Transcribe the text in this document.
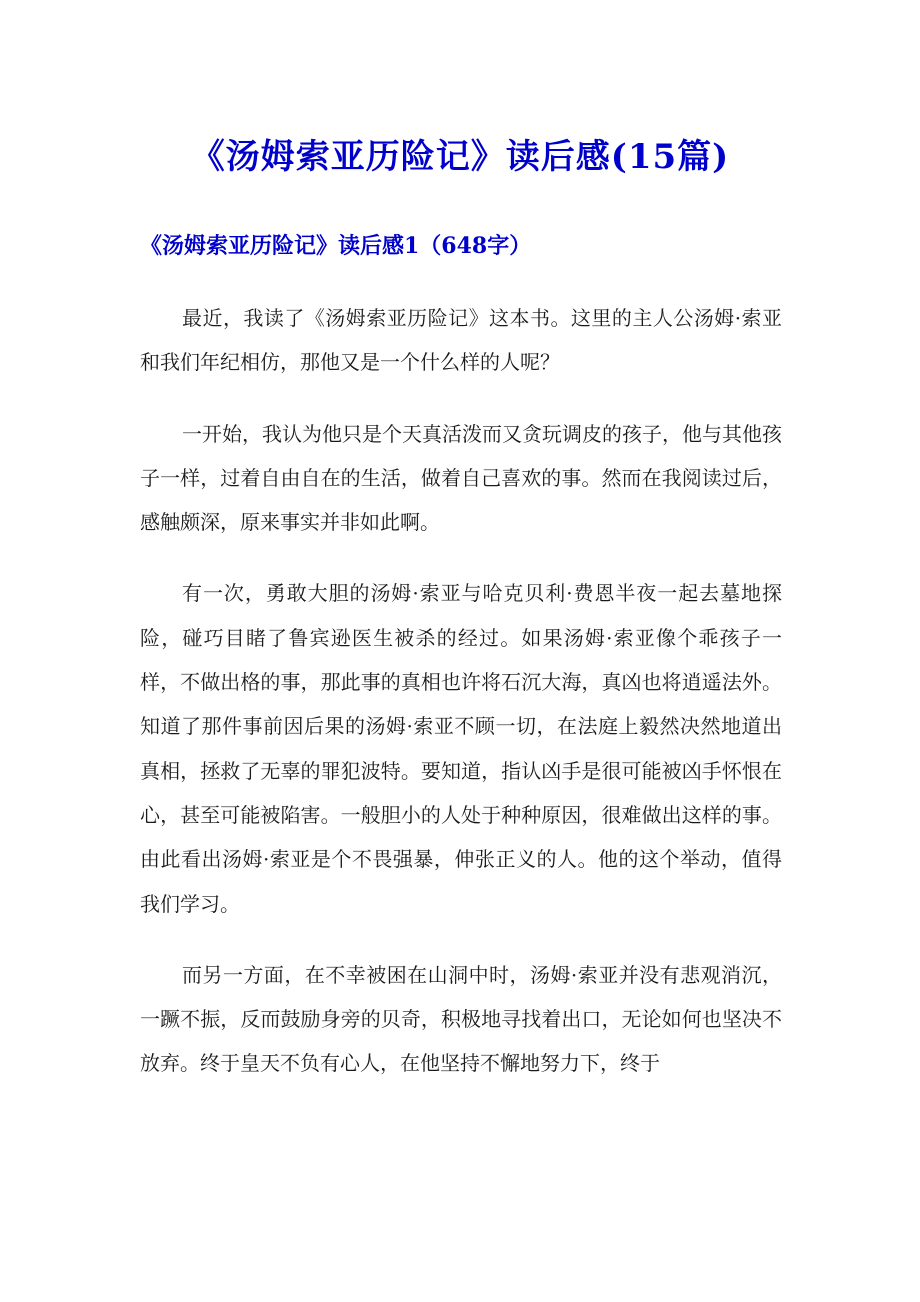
《汤姆索亚历险记》读后感(15篇)
《汤姆索亚历险记》读后感1（648字）

最近，我读了《汤姆索亚历险记》这本书。这里的主人公汤姆·索亚和我们年纪相仿，那他又是一个什么样的人呢？

一开始，我认为他只是个天真活泼而又贪玩调皮的孩子，他与其他孩子一样，过着自由自在的生活，做着自己喜欢的事。然而在我阅读过后，感触颇深，原来事实并非如此啊。

有一次，勇敢大胆的汤姆·索亚与哈克贝利·费恩半夜一起去墓地探险，碰巧目睹了鲁宾逊医生被杀的经过。如果汤姆·索亚像个乖孩子一样，不做出格的事，那此事的真相也许将石沉大海，真凶也将逍遥法外。知道了那件事前因后果的汤姆·索亚不顾一切，在法庭上毅然决然地道出真相，拯救了无辜的罪犯波特。要知道，指认凶手是很可能被凶手怀恨在心，甚至可能被陷害。一般胆小的人处于种种原因，很难做出这样的事。由此看出汤姆·索亚是个不畏强暴，伸张正义的人。他的这个举动，值得我们学习。

而另一方面，在不幸被困在山洞中时，汤姆·索亚并没有悲观消沉，一蹶不振，反而鼓励身旁的贝奇，积极地寻找着出口，无论如何也坚决不放弃。终于皇天不负有心人，在他坚持不懈地努力下，终于
